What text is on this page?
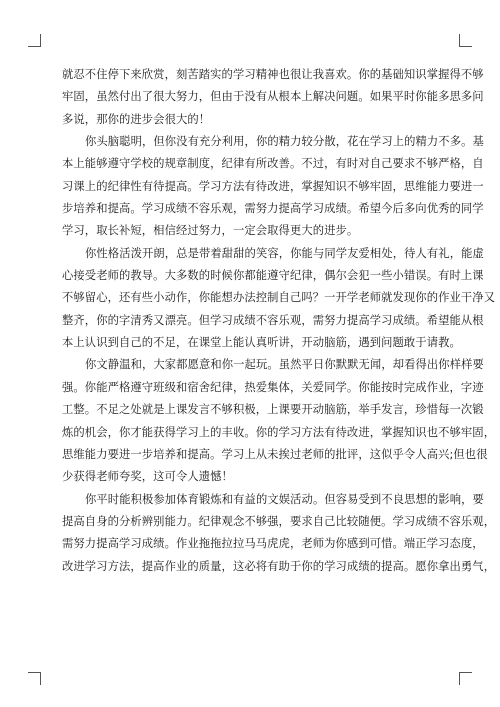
就忍不住停下来欣赏，刻苦踏实的学习精神也很让我喜欢。你的基础知识掌握得不够
牢固，虽然付出了很大努力，但由于没有从根本上解决问题。如果平时你能多思多问
多说，那你的进步会很大的！
你头脑聪明，但你没有充分利用，你的精力较分散，花在学习上的精力不多。基
本上能够遵守学校的规章制度，纪律有所改善。不过，有时对自己要求不够严格，自
习课上的纪律性有待提高。学习方法有待改进，掌握知识不够牢固，思维能力要进一
步培养和提高。学习成绩不容乐观，需努力提高学习成绩。希望今后多向优秀的同学
学习，取长补短，相信经过努力，一定会取得更大的进步。
你性格活泼开朗，总是带着甜甜的笑容，你能与同学友爱相处，待人有礼，能虚
心接受老师的教导。大多数的时候你都能遵守纪律，偶尔会犯一些小错误。有时上课
不够留心，还有些小动作，你能想办法控制自己吗？一开学老师就发现你的作业干净又
整齐，你的字清秀又漂亮。但学习成绩不容乐观，需努力提高学习成绩。希望能从根
本上认识到自己的不足，在课堂上能认真听讲，开动脑筋，遇到问题敢于请教。
你文静温和，大家都愿意和你一起玩。虽然平日你默默无闻，却看得出你样样要
强。你能严格遵守班级和宿舍纪律，热爱集体，关爱同学。你能按时完成作业，字迹
工整。不足之处就是上课发言不够积极，上课要开动脑筋，举手发言，珍惜每一次锻
炼的机会，你才能获得学习上的丰收。你的学习方法有待改进，掌握知识也不够牢固，
思维能力要进一步培养和提高。学习上从未挨过老师的批评，这似乎令人高兴;但也很
少获得老师夸奖，这可令人遗憾！
你平时能积极参加体育锻炼和有益的文娱活动。但容易受到不良思想的影响，要
提高自身的分析辨别能力。纪律观念不够强，要求自己比较随便。学习成绩不容乐观，
需努力提高学习成绩。作业拖拖拉拉马马虎虎，老师为你感到可惜。端正学习态度，
改进学习方法，提高作业的质量，这必将有助于你的学习成绩的提高。愿你拿出勇气，
